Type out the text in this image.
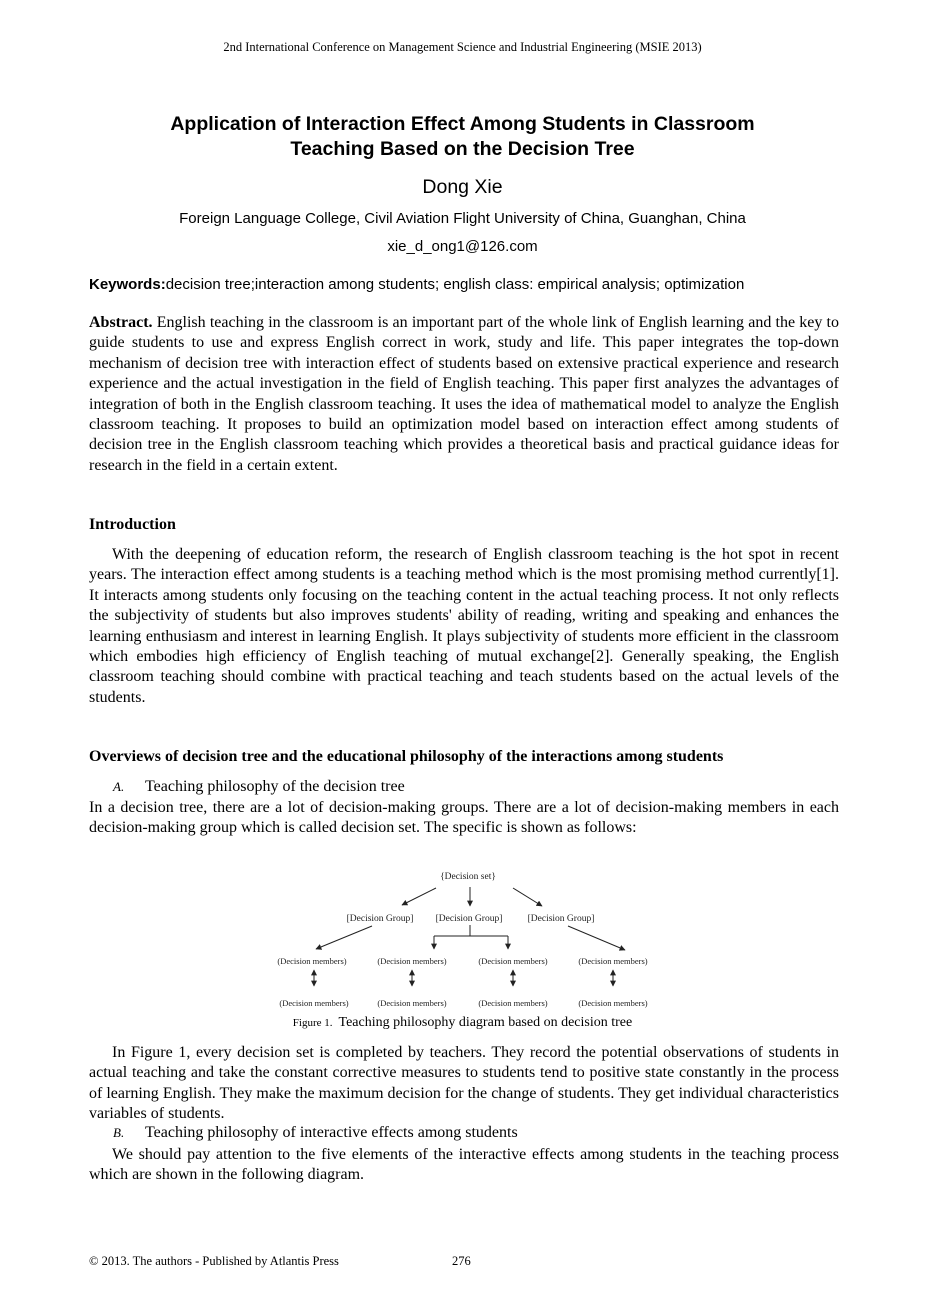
2nd International Conference on Management Science and Industrial Engineering (MSIE 2013)
Application of Interaction Effect Among Students in Classroom
Teaching Based on the Decision Tree
Dong Xie
Foreign Language College, Civil Aviation Flight University of China, Guanghan, China
xie_d_ong1@126.com
Keywords:decision tree;interaction among students; english class: empirical analysis; optimization
Abstract. English teaching in the classroom is an important part of the whole link of English learning and the key to guide students to use and express English correct in work, study and life. This paper integrates the top-down mechanism of decision tree with interaction effect of students based on extensive practical experience and research experience and the actual investigation in the field of English teaching. This paper first analyzes the advantages of integration of both in the English classroom teaching. It uses the idea of mathematical model to analyze the English classroom teaching. It proposes to build an optimization model based on interaction effect among students of decision tree in the English classroom teaching which provides a theoretical basis and practical guidance ideas for research in the field in a certain extent.
Introduction
With the deepening of education reform, the research of English classroom teaching is the hot spot in recent years. The interaction effect among students is a teaching method which is the most promising method currently[1]. It interacts among students only focusing on the teaching content in the actual teaching process. It not only reflects the subjectivity of students but also improves students' ability of reading, writing and speaking and enhances the learning enthusiasm and interest in learning English. It plays subjectivity of students more efficient in the classroom which embodies high efficiency of English teaching of mutual exchange[2]. Generally speaking, the English classroom teaching should combine with practical teaching and teach students based on the actual levels of the students.
Overviews of decision tree and the educational philosophy of the interactions among students
A. Teaching philosophy of the decision tree
In a decision tree, there are a lot of decision-making groups. There are a lot of decision-making members in each decision-making group which is called decision set. The specific is shown as follows:
{Decision set}
[Decision Group] [Decision Group]	[Decision Group]
(Decision members)	(Decision members)	(Decision members)	(Decision members)
(Decision members)	(Decision members)	(Decision members)	(Decision members)
Figure 1. Teaching philosophy diagram based on decision tree
In Figure 1, every decision set is completed by teachers. They record the potential observations of students in actual teaching and take the constant corrective measures to students tend to positive state constantly in the process of learning English. They make the maximum decision for the change of students. They get individual characteristics variables of students.
B. Teaching philosophy of interactive effects among students
We should pay attention to the five elements of the interactive effects among students in the teaching process which are shown in the following diagram.
© 2013. The authors - Published by Atlantis Press	276
